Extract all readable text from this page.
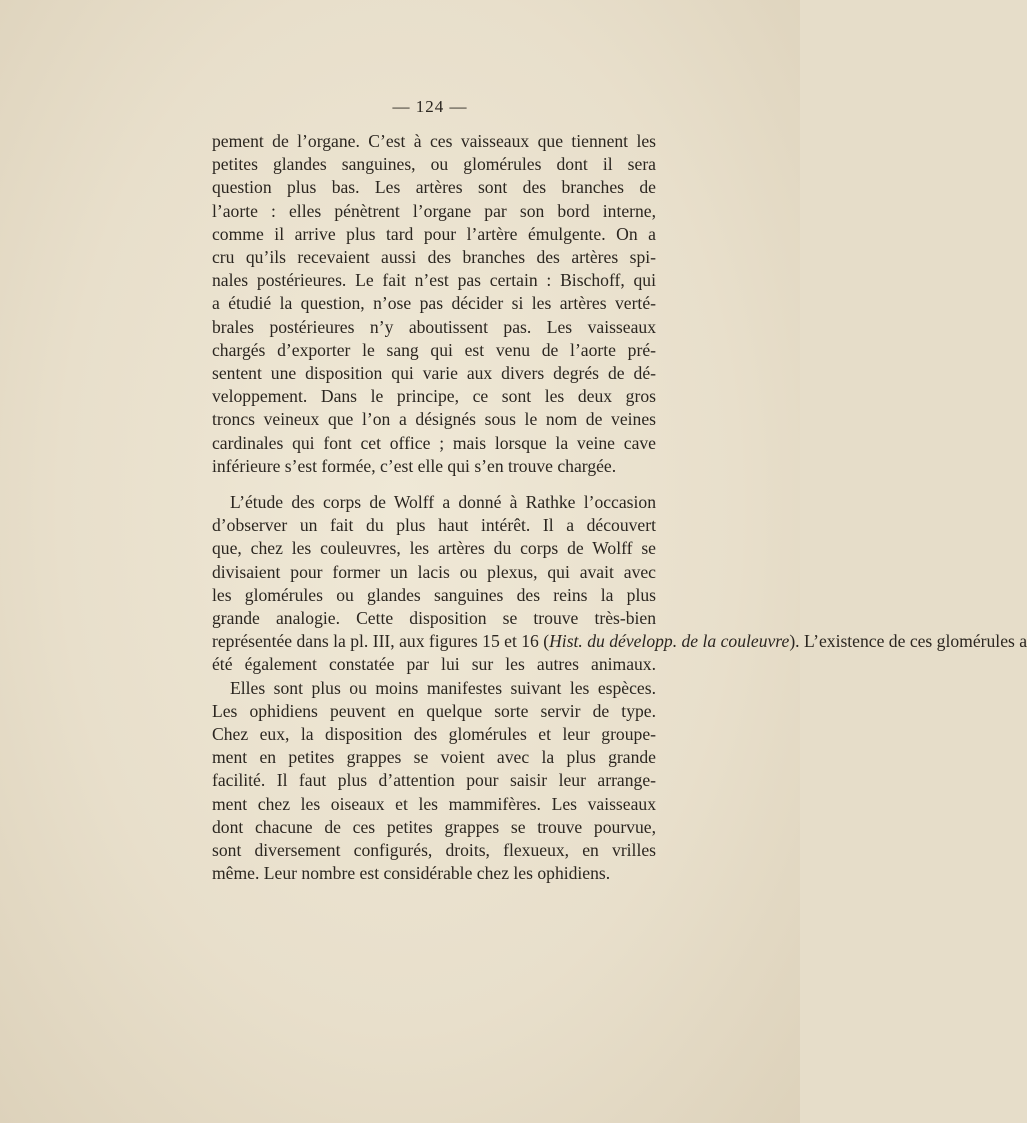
— 124 —
pement de l’organe. C’est à ces vaisseaux que tiennent les
petites glandes sanguines, ou glomérules dont il sera
question plus bas. Les artères sont des branches de
l’aorte : elles pénètrent l’organe par son bord interne,
comme il arrive plus tard pour l’artère émulgente. On a
cru qu’ils recevaient aussi des branches des artères spi-
nales postérieures. Le fait n’est pas certain : Bischoff, qui
a étudié la question, n’ose pas décider si les artères verté-
brales postérieures n’y aboutissent pas. Les vaisseaux
chargés d’exporter le sang qui est venu de l’aorte pré-
sentent une disposition qui varie aux divers degrés de dé-
veloppement. Dans le principe, ce sont les deux gros
troncs veineux que l’on a désignés sous le nom de veines
cardinales qui font cet office ; mais lorsque la veine cave
inférieure s’est formée, c’est elle qui s’en trouve chargée.
L’étude des corps de Wolff a donné à Rathke l’occasion
d’observer un fait du plus haut intérêt. Il a découvert
que, chez les couleuvres, les artères du corps de Wolff se
divisaient pour former un lacis ou plexus, qui avait avec
les glomérules ou glandes sanguines des reins la plus
grande analogie. Cette disposition se trouve très-bien
représentée dans la pl. III, aux figures 15 et 16 (Hist. du développ. de la couleuvre). L’existence de ces glomérules a
été également constatée par lui sur les autres animaux.
Elles sont plus ou moins manifestes suivant les espèces.
Les ophidiens peuvent en quelque sorte servir de type.
Chez eux, la disposition des glomérules et leur groupe-
ment en petites grappes se voient avec la plus grande
facilité. Il faut plus d’attention pour saisir leur arrange-
ment chez les oiseaux et les mammifères. Les vaisseaux
dont chacune de ces petites grappes se trouve pourvue,
sont diversement configurés, droits, flexueux, en vrilles
même. Leur nombre est considérable chez les ophidiens.
